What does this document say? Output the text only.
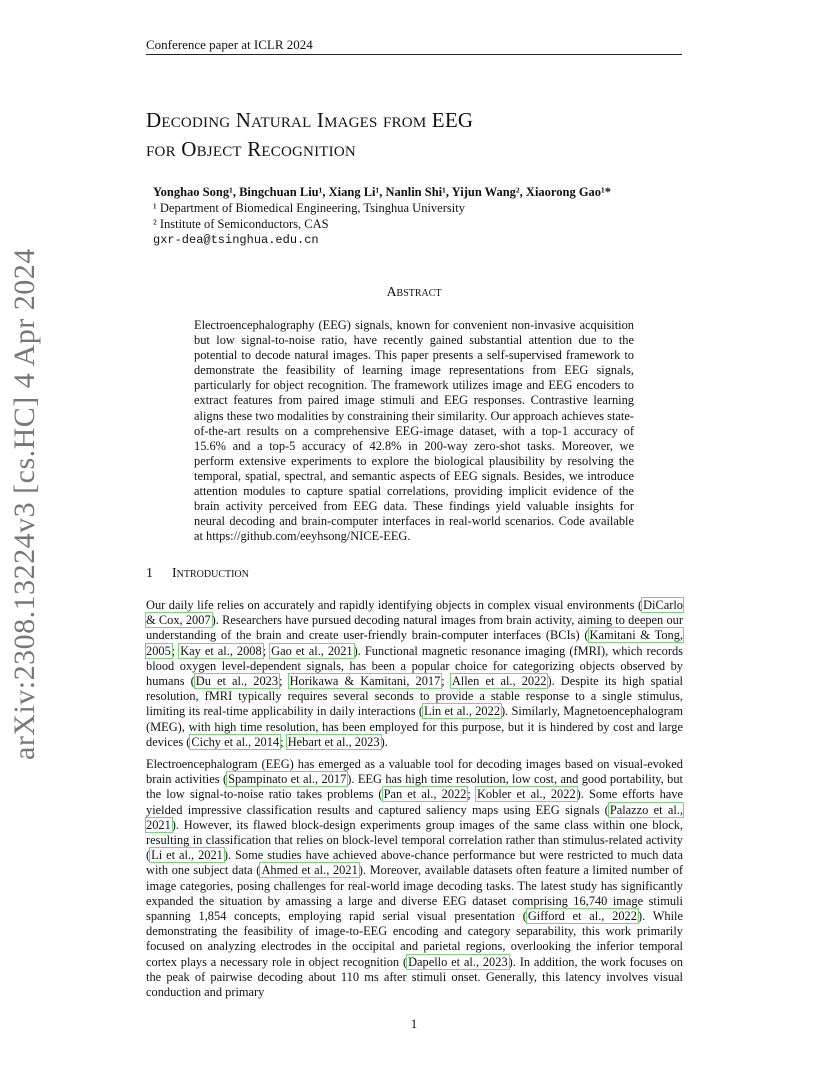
Conference paper at ICLR 2024
Decoding Natural Images from EEG
for Object Recognition
Yonghao Song¹, Bingchuan Liu¹, Xiang Li¹, Nanlin Shi¹, Yijun Wang², Xiaorong Gao¹*
¹ Department of Biomedical Engineering, Tsinghua University
² Institute of Semiconductors, CAS
gxr-dea@tsinghua.edu.cn
Abstract
Electroencephalography (EEG) signals, known for convenient non-invasive acquisition but low signal-to-noise ratio, have recently gained substantial attention due to the potential to decode natural images. This paper presents a self-supervised framework to demonstrate the feasibility of learning image representations from EEG signals, particularly for object recognition. The framework utilizes image and EEG encoders to extract features from paired image stimuli and EEG responses. Contrastive learning aligns these two modalities by constraining their similarity. Our approach achieves state-of-the-art results on a comprehensive EEG-image dataset, with a top-1 accuracy of 15.6% and a top-5 accuracy of 42.8% in 200-way zero-shot tasks. Moreover, we perform extensive experiments to explore the biological plausibility by resolving the temporal, spatial, spectral, and semantic aspects of EEG signals. Besides, we introduce attention modules to capture spatial correlations, providing implicit evidence of the brain activity perceived from EEG data. These findings yield valuable insights for neural decoding and brain-computer interfaces in real-world scenarios. Code available at https://github.com/eeyhsong/NICE-EEG.
1 Introduction

Our daily life relies on accurately and rapidly identifying objects in complex visual environments (DiCarlo & Cox, 2007). Researchers have pursued decoding natural images from brain activity, aiming to deepen our understanding of the brain and create user-friendly brain-computer interfaces (BCIs) (Kamitani & Tong, 2005; Kay et al., 2008; Gao et al., 2021). Functional magnetic resonance imaging (fMRI), which records blood oxygen level-dependent signals, has been a popular choice for categorizing objects observed by humans (Du et al., 2023; Horikawa & Kamitani, 2017; Allen et al., 2022). Despite its high spatial resolution, fMRI typically requires several seconds to provide a stable response to a single stimulus, limiting its real-time applicability in daily interactions (Lin et al., 2022). Similarly, Magnetoencephalogram (MEG), with high time resolution, has been employed for this purpose, but it is hindered by cost and large devices (Cichy et al., 2014; Hebart et al., 2023).

Electroencephalogram (EEG) has emerged as a valuable tool for decoding images based on visual-evoked brain activities (Spampinato et al., 2017). EEG has high time resolution, low cost, and good portability, but the low signal-to-noise ratio takes problems (Pan et al., 2022; Kobler et al., 2022). Some efforts have yielded impressive classification results and captured saliency maps using EEG signals (Palazzo et al., 2021). However, its flawed block-design experiments group images of the same class within one block, resulting in classification that relies on block-level temporal correlation rather than stimulus-related activity (Li et al., 2021). Some studies have achieved above-chance performance but were restricted to much data with one subject data (Ahmed et al., 2021). Moreover, available datasets often feature a limited number of image categories, posing challenges for real-world image decoding tasks. The latest study has significantly expanded the situation by amassing a large and diverse EEG dataset comprising 16,740 image stimuli spanning 1,854 concepts, employing rapid serial visual presentation (Gifford et al., 2022). While demonstrating the feasibility of image-to-EEG encoding and category separability, this work primarily focused on analyzing electrodes in the occipital and parietal regions, overlooking the inferior temporal cortex plays a necessary role in object recognition (Dapello et al., 2023). In addition, the work focuses on the peak of pairwise decoding about 110 ms after stimuli onset. Generally, this latency involves visual conduction and primary

arXiv:2308.13224v3 [cs.HC] 4 Apr 2024
1
